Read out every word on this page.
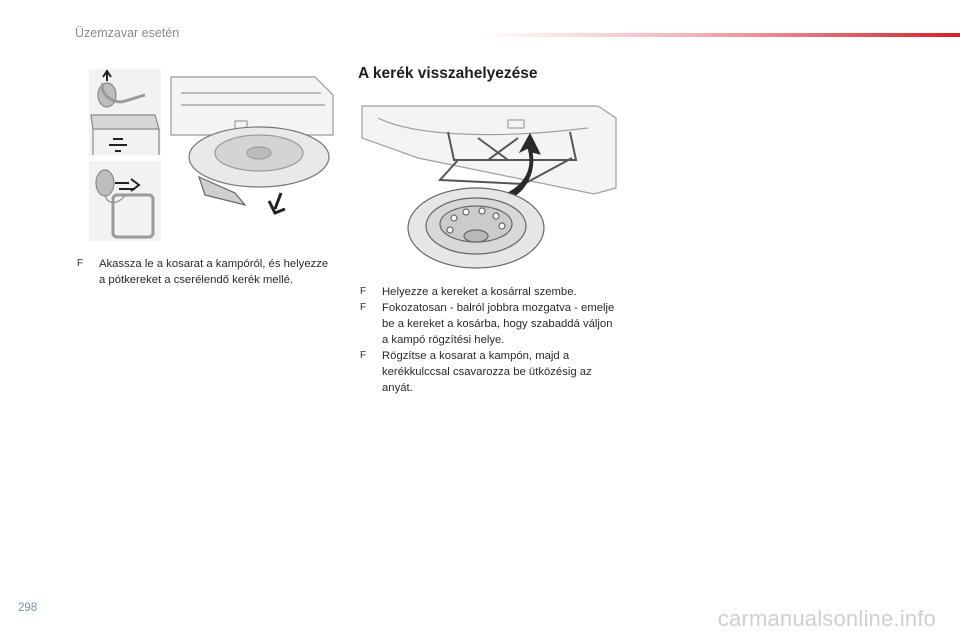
Üzemzavar esetén
F Akassza le a kosarat a kampóról, és helyezze a pótkereket a cserélendő kerék mellé.
A kerék visszahelyezése
F Helyezze a kereket a kosárral szembe.
F Fokozatosan - balról jobbra mozgatva - emelje be a kereket a kosárba, hogy szabaddá váljon a kampó rögzítési helye.
F Rögzítse a kosarat a kampón, majd a kerékkulccsal csavarozza be ütközésig az anyát.
298	carmanualsonline.info
